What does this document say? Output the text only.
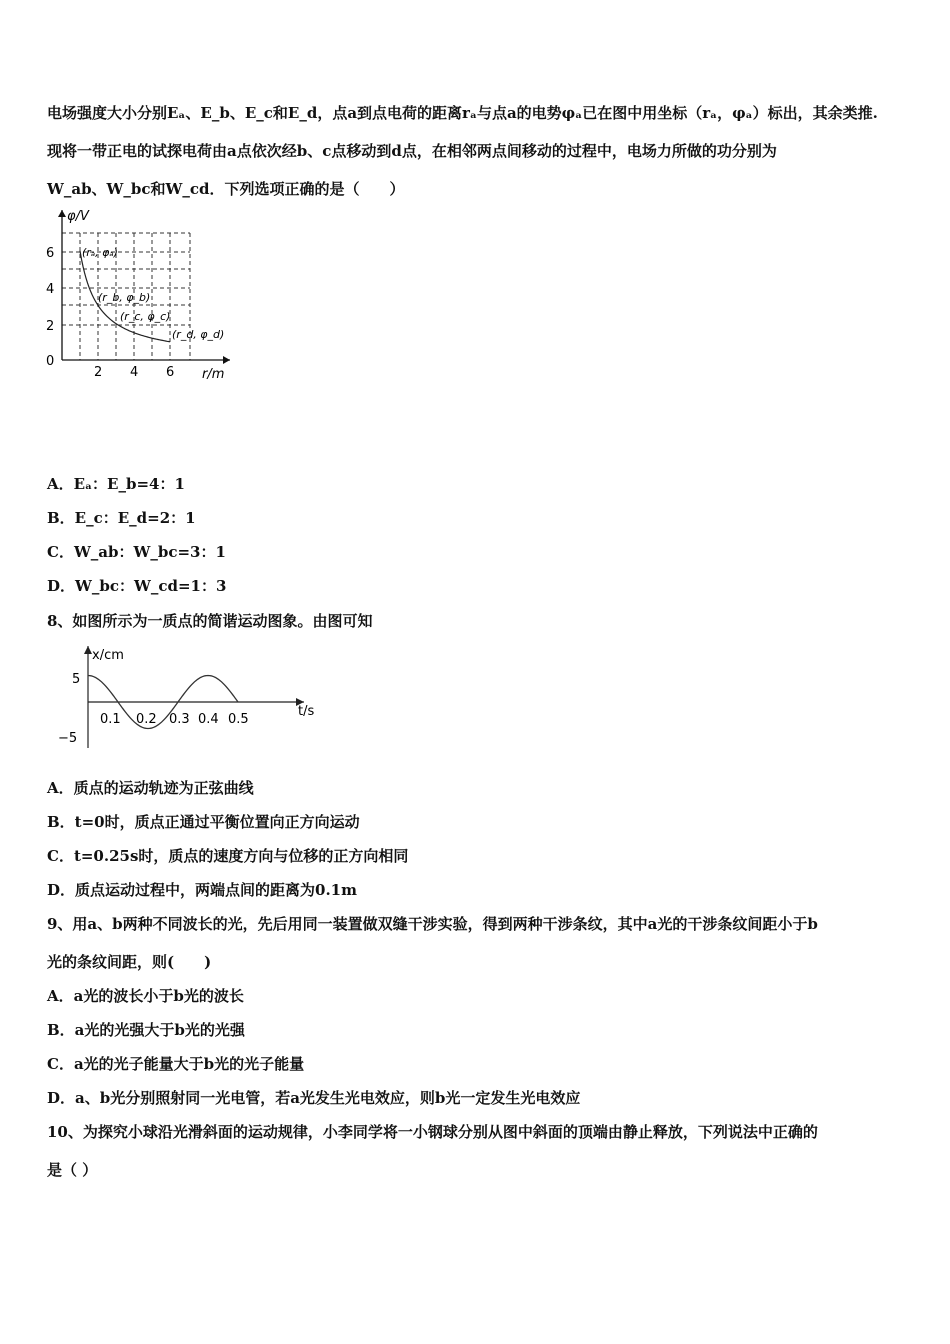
电场强度大小分别Eₐ、E_b、E_c和E_d，点a到点电荷的距离rₐ与点a的电势φₐ已在图中用坐标（rₐ，φₐ）标出，其余类推.
现将一带正电的试探电荷由a点依次经b、c点移动到d点，在相邻两点间移动的过程中，电场力所做的功分别为
W_ab、W_bc和W_cd．下列选项正确的是（　　）
φ/V
r/m
0
2
4
6
2 4 6
(rₐ, φₐ)
(r_b, φ_b)
(r_c, φ_c)
(r_d, φ_d)
A．Eₐ：E_b=4：1
B．E_c：E_d=2：1
C．W_ab：W_bc=3：1
D．W_bc：W_cd=1：3
8、如图所示为一质点的简谐运动图象。由图可知
x/cm
t/s
5
−5
0.1 0.2 0.3 0.4 0.5
A．质点的运动轨迹为正弦曲线
B．t=0时，质点正通过平衡位置向正方向运动
C．t=0.25s时，质点的速度方向与位移的正方向相同
D．质点运动过程中，两端点间的距离为0.1m
9、用a、b两种不同波长的光，先后用同一装置做双缝干涉实验，得到两种干涉条纹，其中a光的干涉条纹间距小于b
光的条纹间距，则(　　)
A．a光的波长小于b光的波长
B．a光的光强大于b光的光强
C．a光的光子能量大于b光的光子能量
D．a、b光分别照射同一光电管，若a光发生光电效应，则b光一定发生光电效应
10、为探究小球沿光滑斜面的运动规律，小李同学将一小钢球分别从图中斜面的顶端由静止释放，下列说法中正确的
是（ ）
